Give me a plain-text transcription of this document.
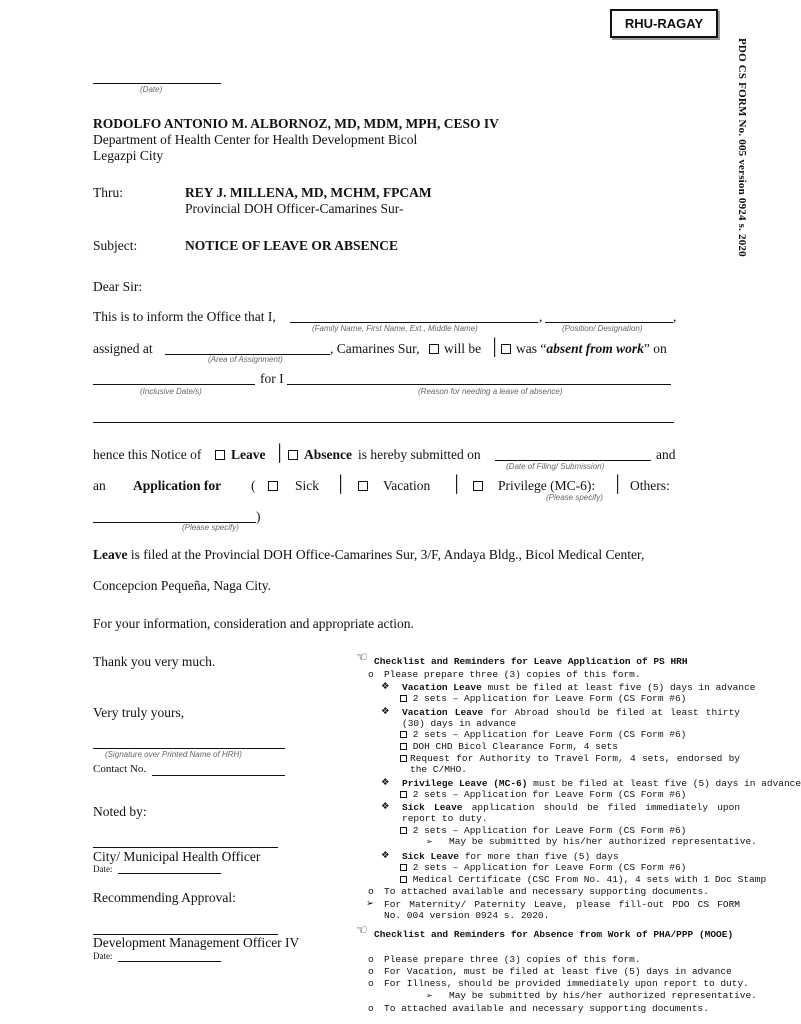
RHU-RAGAY
PDO CS FORM No. 005 version 0924 s. 2020
(Date)
RODOLFO ANTONIO M. ALBORNOZ, MD, MDM, MPH, CESO IV
Department of Health Center for Health Development Bicol
Legazpi City
Thru:	REY J. MILLENA, MD, MCHM, FPCAM
Provincial DOH Officer-Camarines Sur-
Subject:	NOTICE OF LEAVE OR ABSENCE
Dear Sir:
This is to inform the Office that I,	,	,
(Family Name, First Name, Ext., Middle Name)	(Position/ Designation)
assigned at	, Camarines Sur, will be │ was “absent from work” on
(Area of Assignment)
for I
(Inclusive Date/s)	(Reason for needing a leave of absence)
hence this Notice of Leave │ Absence is hereby submitted on	and
(Date of Filing/ Submission)
an Application for (	Sick │	Vacation │	Privilege (MC-6): │ Others:
(Please specify)
)
(Please specify)
Leave is filed at the Provincial DOH Office-Camarines Sur, 3/F, Andaya Bldg., Bicol Medical Center,
Concepcion Pequeña, Naga City.
For your information, consideration and appropriate action.
Thank you very much.
Very truly yours,
(Signature over Printed Name of HRH)
Contact No.
Noted by:
City/ Municipal Health Officer
Date:
Recommending Approval:
Development Management Officer IV
Date:
☜ Checklist and Reminders for Leave Application of PS HRH
o Please prepare three (3) copies of this form.
❖ Vacation Leave must be filed at least five (5) days in advance
2 sets – Application for Leave Form (CS Form #6)
❖ Vacation Leave for Abroad should be filed at least thirty (30) days in advance
2 sets – Application for Leave Form (CS Form #6)
DOH CHD Bicol Clearance Form, 4 sets
Request for Authority to Travel Form, 4 sets, endorsed by the C/MHO.
❖ Privilege Leave (MC-6) must be filed at least five (5) days in advance
2 sets – Application for Leave Form (CS Form #6)
❖ Sick Leave application should be filed immediately upon report to duty.
2 sets – Application for Leave Form (CS Form #6)
➢ May be submitted by his/her authorized representative.
❖ Sick Leave for more than five (5) days
2 sets – Application for Leave Form (CS Form #6)
Medical Certificate (CSC From No. 41), 4 sets with 1 Doc Stamp
o To attached available and necessary supporting documents.
➢ For Maternity/ Paternity Leave, please fill-out PDO CS FORM No. 004 version 0924 s. 2020.
☜ Checklist and Reminders for Absence from Work of PHA/PPP (MOOE)
o Please prepare three (3) copies of this form.
o For Vacation, must be filed at least five (5) days in advance
o For Illness, should be provided immediately upon report to duty.
➢ May be submitted by his/her authorized representative.
o To attached available and necessary supporting documents.
